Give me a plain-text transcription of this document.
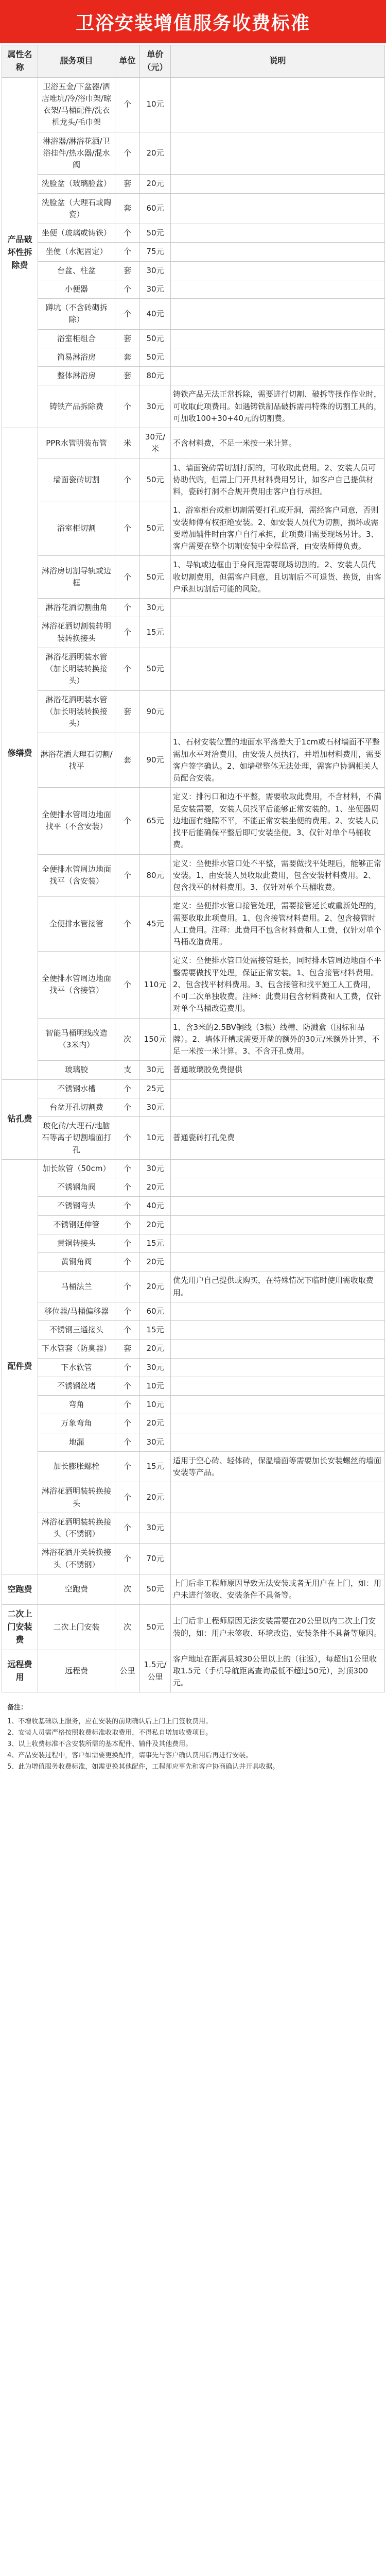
卫浴安装增值服务收费标准
属性名称	服务项目	单位	单价（元）	说明
产品破坏性拆除费	卫浴五金/下盆器/洒店堆坑/冷/浴巾架/晾衣架/马桶配件/洗衣机龙头/毛巾架	个	10元	
	淋浴器/淋浴花洒/卫浴挂件/热水器/混水阀	个	20元	
	洗脸盆（玻璃脸盆）	套	20元	
	洗脸盆（大理石或陶瓷）	套	60元	
	坐便（玻璃或铸铁）	个	50元	
	坐便（水泥固定）	个	75元	
	台盆、柱盆	套	30元	
	小便器	个	30元	
	蹲坑（不含砖砌拆除）	个	40元	
	浴室柜组合	套	50元	
	简易淋浴房	套	50元	
	整体淋浴房	套	80元	
	铸铁产品拆除费	个	30元	铸铁产品无法正常拆除，需要进行切割、破拆等操作作业时，可收取此项费用。如遇铸铁制品破拆需再特殊的切割工具的，可加收100+30+40元的切割费。
修缮费	PPR水管明装布管	米	30元/米	不含材料费，不足一米按一米计算。
	墙面瓷砖切割	个	50元	1、墙面瓷砖需切割打洞的，可收取此费用。2、安装人员可协助代购，但需上门开具材料费用另计，如客户自己提供材料，瓷砖打洞不合规开费用由客户自行承担。
	浴室柜切割	个	50元	1、浴室柜台或柜切割需要打孔或开洞，需经客户同意，否则安装师傅有权拒绝安装。2、如安装人员代为切割，损坏或需要增加辅件时由客户自行承担，此项费用需要现场另计。3、客户需要在整个切割安装中全程监督，由安装师傅负责。
	淋浴房切割导轨或边框	个	50元	1、导轨或边框由于身间距需要现场切割的。2、安装人员代收切割费用，但需客户同意，且切割后不可退货、换货，由客户承担切割后可能的风险。
	淋浴花洒切割曲角	个	30元	
	淋浴花洒切割装转明装转换接头	个	15元	
	淋浴花洒明装水管（加长明装转换接头）	个	50元	
	淋浴花洒明装水管（加长明装转换接头）	套	90元	
	淋浴花洒大理石切割/找平	套	90元	1、石材安装位置的地面水平落差大于1cm或石材墙面不平整需加水平对洽费用，由安装人员执行，并增加材料费用，需要客户签字确认。2、如墙壁整体无法处理，需客户协调相关人员配合安装。
	全便排水管周边地面找平（不含安装）	个	65元	定义：排污口和边不平整，需要收取此费用，不含材料，不满足安装需要，安装人员找平后能够正常安装的。1、坐便器周边地面有缝隙不平，不能正常安装坐便的费用。2、安装人员找平后能确保平整后即可安装坐便。3、仅针对单个马桶收费。
	全便排水管周边地面找平（含安装）	个	80元	定义：坐便排水管口处不平整，需要做找平处理后，能够正常安装。1、由安装人员收取此费用，包含安装材料费用。2、包含找平的材料费用。3、仅针对单个马桶收费。
	全便排水管接管	个	45元	定义：坐便排水管口接管处理，需要接管延长或重新处理的，需要收取此项费用。1、包含接管材料费用。2、包含接管时人工费用。注释：此费用不包含材料费和人工费，仅针对单个马桶改造费用。
	全便排水管周边地面找平（含接管）	个	110元	定义：坐便排水管口处需接管延长，同时排水管周边地面不平整需要做找平处理，保证正常安装。1、包含接管材料费用。2、包含找平材料费用。3、包含接管和找平施工人工费用，不可二次单独收费。注释：此费用包含材料费和人工费，仅针对单个马桶改造费用。
	智能马桶明线改造（3米内）	次	150元	1、含3米的2.5BV铜线（3根）线槽、防溅盒（国标和品牌）。2、墙体开槽或需要开凿的额外的30元/米额外计算，不足一米按一米计算。3、不含开孔费用。
	玻璃胶	支	30元	普通玻璃胶免费提供
钻孔费	不锈钢水槽	个	25元	
	台盆开孔切割费	个	30元	
	玻化砖/大理石/地脑石等离子切割墙面打孔	个	10元	普通瓷砖打孔免费
配件费	加长软管（50cm）	个	30元	
	不锈钢角阀	个	20元	
	不锈钢弯头	个	40元	
	不锈钢延伸管	个	20元	
	黄铜转接头	个	15元	
	黄铜角阀	个	20元	
	马桶法兰	个	20元	优先用户自己提供或购买，在特殊情况下临时使用需收取费用。
	移位器/马桶偏移器	个	60元	
	不锈钢三通接头	个	15元	
	下水管套（防臭器）	套	20元	
	下水软管	个	30元	
	不锈钢丝堵	个	10元	
	弯角	个	10元	
	万象弯角	个	20元	
	地漏	个	30元	
	加长膨胀螺栓	个	15元	适用于空心砖、轻体砖，保温墙面等需要加长安装螺丝的墙面安装等产品。
	淋浴花洒明装转换接头	个	20元	
	淋浴花洒明装转换接头（不锈钢）	个	30元	
	淋浴花洒开关转换接头（不锈钢）	个	70元	
空跑费	空跑费	次	50元	上门后非工程师原因导致无法安装或者无用户在上门，如：用户未进行签收、安装条件不具备等。
二次上门安装费	二次上门安装	次	50元	上门后非工程师原因无法安装需要在20公里以内二次上门安装的，如：用户未签收、环境改造、安装条件不具备等原因。
远程费用	远程费	公里	1.5元/公里	客户地址在距离县城30公里以上的（往返），每超出1公里收取1.5元（手机导航距离查询最低不超过50元），封顶300元。
备注：
1、不增收基础以上服务，应在安装的前期确认后上门上门签收费用。
2、安装人员需严格按照收费标准收取费用，不得私自增加收费项目。
3、以上收费标准不含安装所需的基本配件、辅件及其他费用。
4、产品安装过程中，客户如需要更换配件，请事先与客户确认费用后再进行安装。
5、此为增值服务收费标准，如需更换其他配件，工程师应事先和客户协商确认并开具收据。
